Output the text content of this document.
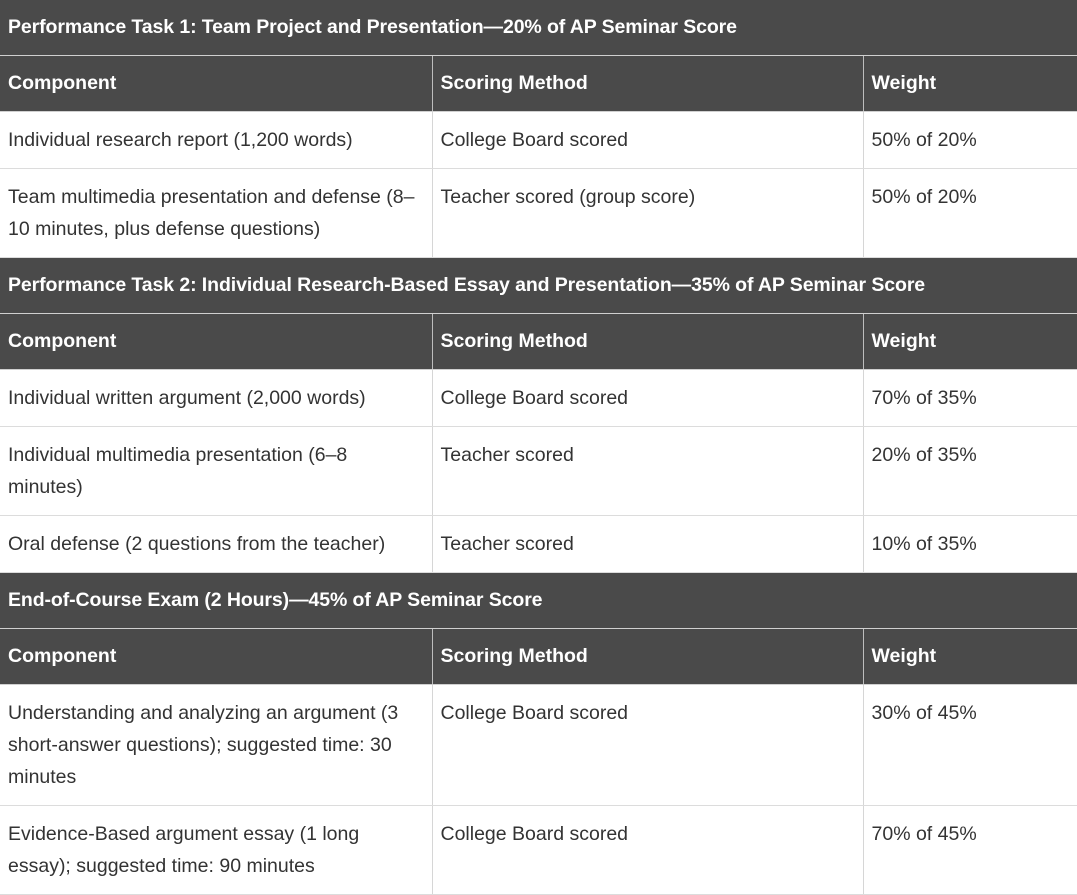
Performance Task 1: Team Project and Presentation—20% of AP Seminar Score		
Component	Scoring Method	Weight
Individual research report (1,200 words)	College Board scored	50% of 20%
Team multimedia presentation and defense (8–10 minutes, plus defense questions)	Teacher scored (group score)	50% of 20%
Performance Task 2: Individual Research-Based Essay and Presentation—35% of AP Seminar Score		
Component	Scoring Method	Weight
Individual written argument (2,000 words)	College Board scored	70% of 35%
Individual multimedia presentation (6–8 minutes)	Teacher scored	20% of 35%
Oral defense (2 questions from the teacher)	Teacher scored	10% of 35%
End-of-Course Exam (2 Hours)—45% of AP Seminar Score		
Component	Scoring Method	Weight
Understanding and analyzing an argument (3 short-answer questions); suggested time: 30 minutes	College Board scored	30% of 45%
Evidence-Based argument essay (1 long essay); suggested time: 90 minutes	College Board scored	70% of 45%
